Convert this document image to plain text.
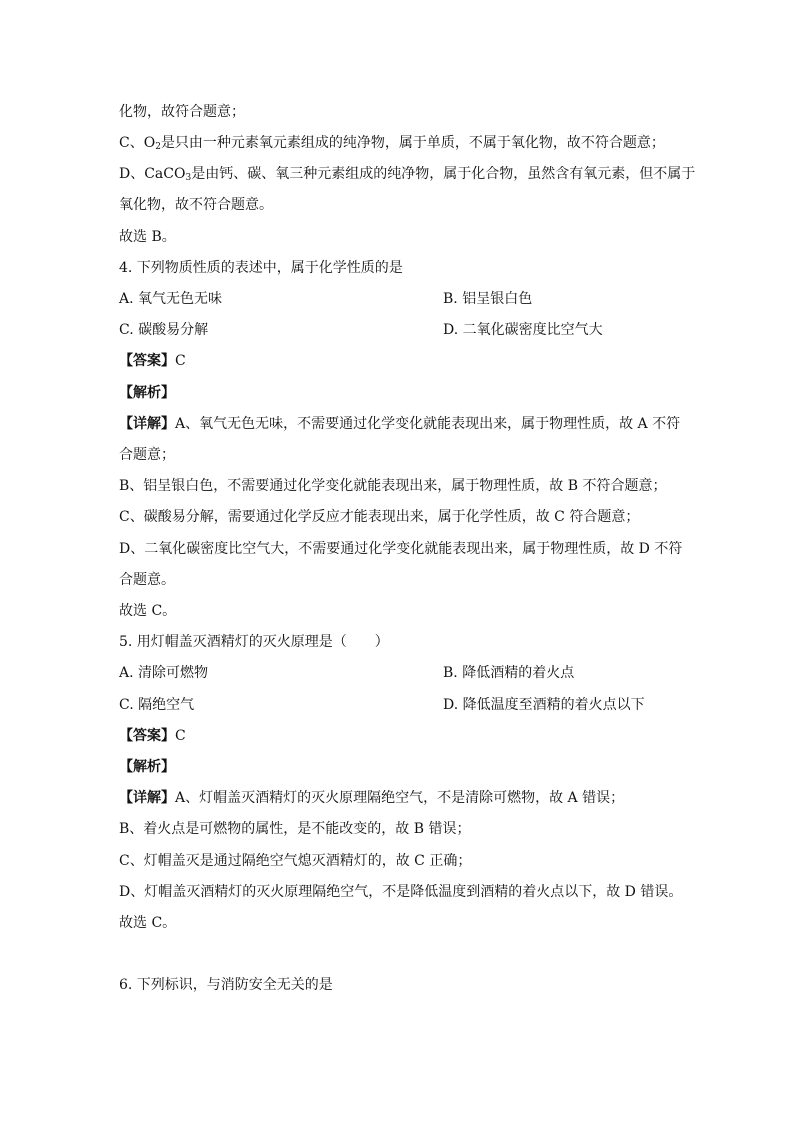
化物，故符合题意；
C、$O_2$是只由一种元素氧元素组成的纯净物，属于单质，不属于氧化物，故不符合题意；
D、CaCO$_3$是由钙、碳、氧三种元素组成的纯净物，属于化合物，虽然含有氧元素，但不属于
氧化物，故不符合题意。
故选 B。
4. 下列物质性质的表述中，属于化学性质的是
A. 氧气无色无味	B. 铝呈银白色
C. 碳酸易分解	D. 二氧化碳密度比空气大
【答案】C
【解析】
【详解】A、氧气无色无味，不需要通过化学变化就能表现出来，属于物理性质，故 A 不符
合题意；
B、铝呈银白色，不需要通过化学变化就能表现出来，属于物理性质，故 B 不符合题意；
C、碳酸易分解，需要通过化学反应才能表现出来，属于化学性质，故 C 符合题意；
D、二氧化碳密度比空气大，不需要通过化学变化就能表现出来，属于物理性质，故 D 不符
合题意。
故选 C。
5. 用灯帽盖灭酒精灯的灭火原理是（　　）
A. 清除可燃物	B. 降低酒精的着火点
C. 隔绝空气	D. 降低温度至酒精的着火点以下
【答案】C
【解析】
【详解】A、灯帽盖灭酒精灯的灭火原理隔绝空气，不是清除可燃物，故 A 错误；
B、着火点是可燃物的属性，是不能改变的，故 B 错误；
C、灯帽盖灭是通过隔绝空气熄灭酒精灯的，故 C 正确；
D、灯帽盖灭酒精灯的灭火原理隔绝空气，不是降低温度到酒精的着火点以下，故 D 错误。
故选 C。
6. 下列标识，与消防安全无关的是
